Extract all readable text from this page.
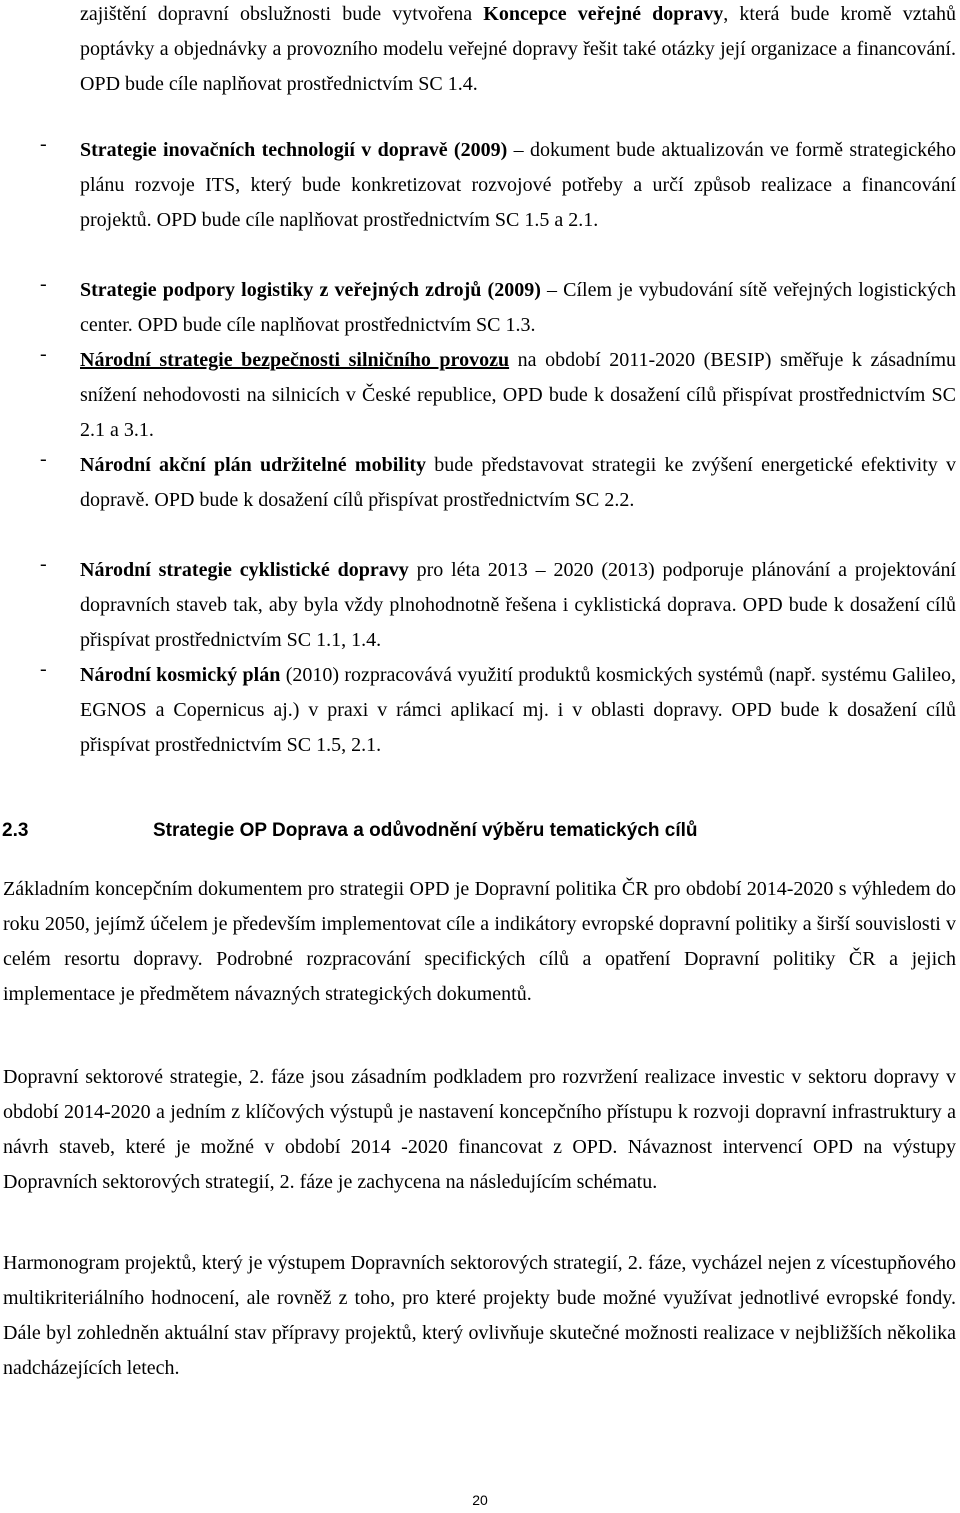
zajištění dopravní obslužnosti bude vytvořena Koncepce veřejné dopravy, která bude kromě vztahů poptávky a objednávky a provozního modelu veřejné dopravy řešit také otázky její organizace a financování. OPD bude cíle naplňovat prostřednictvím SC 1.4.
- Strategie inovačních technologií v dopravě (2009) – dokument bude aktualizován ve formě strategického plánu rozvoje ITS, který bude konkretizovat rozvojové potřeby a určí způsob realizace a financování projektů. OPD bude cíle naplňovat prostřednictvím SC 1.5 a 2.1.
- Strategie podpory logistiky z veřejných zdrojů (2009) – Cílem je vybudování sítě veřejných logistických center. OPD bude cíle naplňovat prostřednictvím SC 1.3.
- Národní strategie bezpečnosti silničního provozu na období 2011-2020 (BESIP) směřuje k zásadnímu snížení nehodovosti na silnicích v České republice, OPD bude k dosažení cílů přispívat prostřednictvím SC 2.1 a 3.1.
- Národní akční plán udržitelné mobility bude představovat strategii ke zvýšení energetické efektivity v dopravě. OPD bude k dosažení cílů přispívat prostřednictvím SC 2.2.
- Národní strategie cyklistické dopravy pro léta 2013 – 2020 (2013) podporuje plánování a projektování dopravních staveb tak, aby byla vždy plnohodnotně řešena i cyklistická doprava. OPD bude k dosažení cílů přispívat prostřednictvím SC 1.1, 1.4.
- Národní kosmický plán (2010) rozpracovává využití produktů kosmických systémů (např. systému Galileo, EGNOS a Copernicus aj.) v praxi v rámci aplikací mj. i v oblasti dopravy. OPD bude k dosažení cílů přispívat prostřednictvím SC 1.5, 2.1.
2.3	Strategie OP Doprava a odůvodnění výběru tematických cílů
Základním koncepčním dokumentem pro strategii OPD je Dopravní politika ČR pro období 2014-2020 s výhledem do roku 2050, jejímž účelem je především implementovat cíle a indikátory evropské dopravní politiky a širší souvislosti v celém resortu dopravy. Podrobné rozpracování specifických cílů a opatření Dopravní politiky ČR a jejich implementace je předmětem návazných strategických dokumentů.
Dopravní sektorové strategie, 2. fáze jsou zásadním podkladem pro rozvržení realizace investic v sektoru dopravy v období 2014-2020 a jedním z klíčových výstupů je nastavení koncepčního přístupu k rozvoji dopravní infrastruktury a návrh staveb, které je možné v období 2014 -2020 financovat z OPD. Návaznost intervencí OPD na výstupy Dopravních sektorových strategií, 2. fáze je zachycena na následujícím schématu.
Harmonogram projektů, který je výstupem Dopravních sektorových strategií, 2. fáze, vycházel nejen z vícestupňového multikriteriálního hodnocení, ale rovněž z toho, pro které projekty bude možné využívat jednotlivé evropské fondy. Dále byl zohledněn aktuální stav přípravy projektů, který ovlivňuje skutečné možnosti realizace v nejbližších několika nadcházejících letech.
20
